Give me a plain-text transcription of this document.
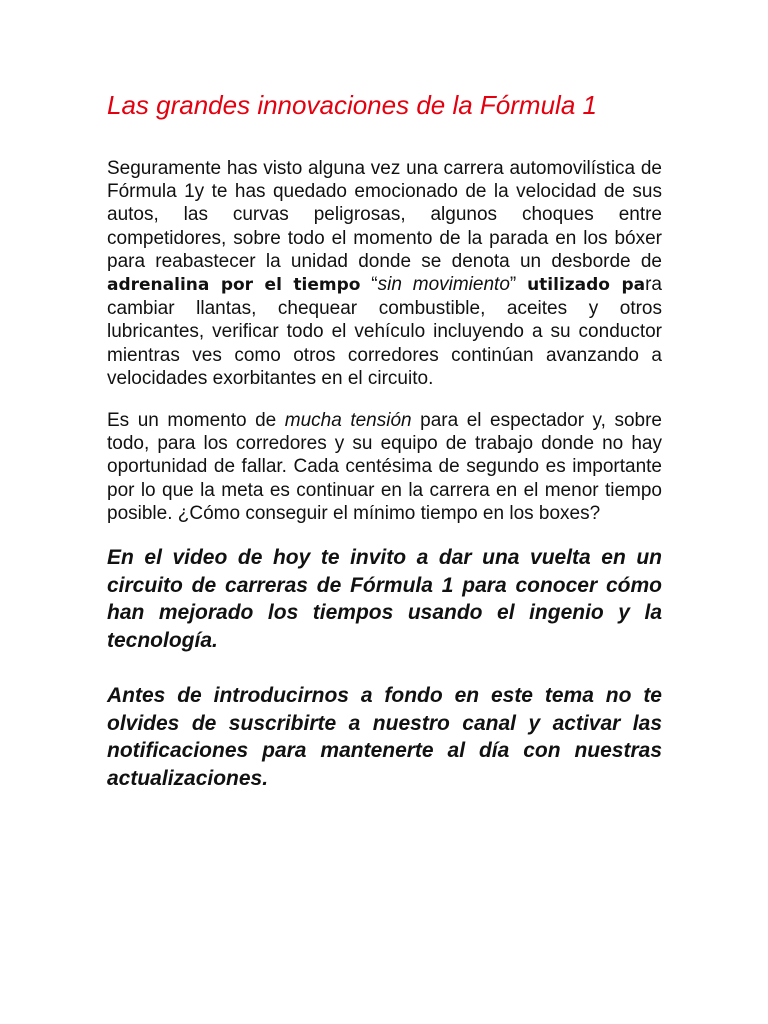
Las grandes innovaciones de la Fórmula 1

Seguramente has visto alguna vez una carrera automovilística de Fórmula 1y te has quedado emocionado de la velocidad de sus autos, las curvas peligrosas, algunos choques entre competidores, sobre todo el momento de la parada en los bóxer para reabastecer la unidad donde se denota un desborde de adrenalina por el tiempo “sin movimiento” utilizado para cambiar llantas, chequear combustible, aceites y otros lubricantes, verificar todo el vehículo incluyendo a su conductor mientras ves como otros corredores continúan avanzando a velocidades exorbitantes en el circuito.

Es un momento de mucha tensión para el espectador y, sobre todo, para los corredores y su equipo de trabajo donde no hay oportunidad de fallar. Cada centésima de segundo es importante por lo que la meta es continuar en la carrera en el menor tiempo posible. ¿Cómo conseguir el mínimo tiempo en los boxes?

En el video de hoy te invito a dar una vuelta en un circuito de carreras de Fórmula 1 para conocer cómo han mejorado los tiempos usando el ingenio y la tecnología.

Antes de introducirnos a fondo en este tema no te olvides de suscribirte a nuestro canal y activar las notificaciones para mantenerte al día con nuestras actualizaciones.
